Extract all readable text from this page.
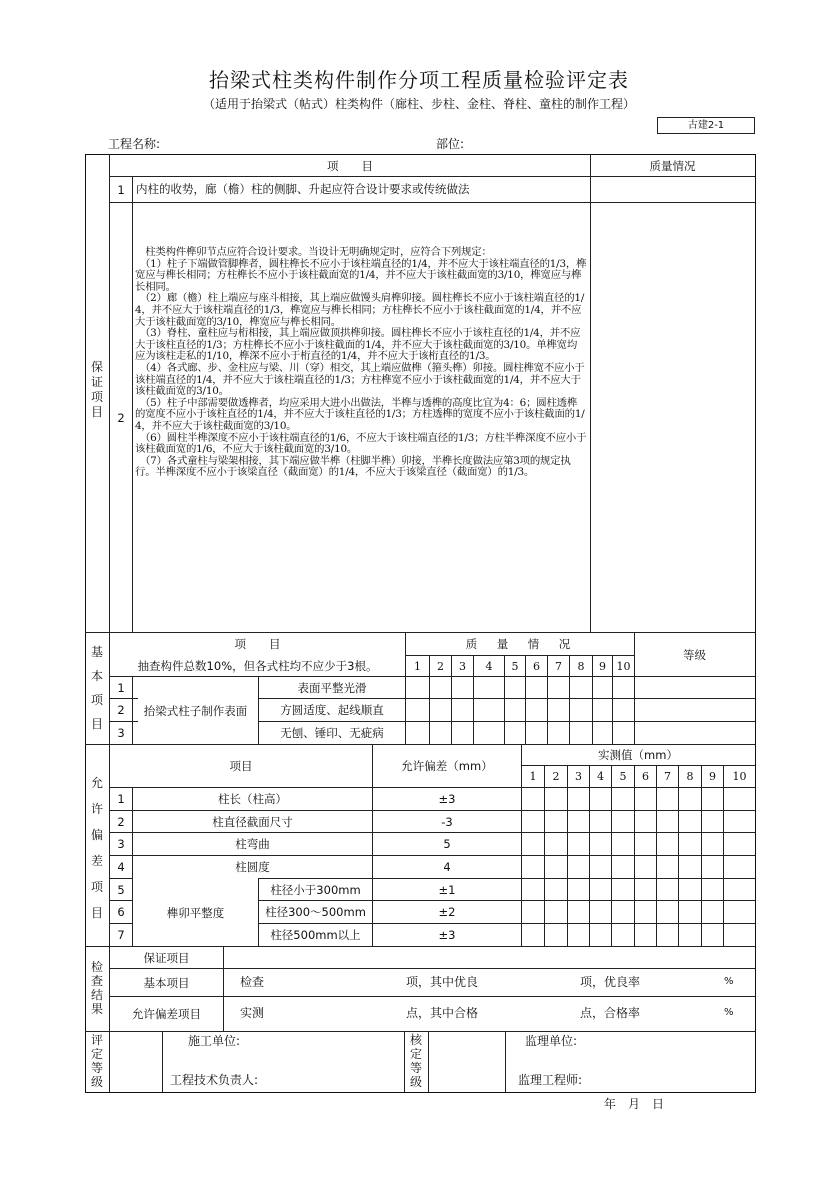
抬梁式柱类构件制作分项工程质量检验评定表
（适用于抬梁式（帖式）柱类构件（廊柱、步柱、金柱、脊柱、童柱的制作工程）
古建2-1
工程名称:	部位:
保证项目
项　　目	质量情况
1 内柱的收势，廊（檐）柱的侧脚、升起应符合设计要求或传统做法
2
　柱类构件榫卯节点应符合设计要求。当设计无明确规定时，应符合下列规定：
　（1）柱子下端做管脚榫者，圆柱榫长不应小于该柱端直径的1/4，并不应大于该柱端直径的1/3，榫宽应与榫长相同；方柱榫长不应小于该柱截面宽的1/4，并不应大于该柱截面宽的3/10，榫宽应与榫长相同。
　（2）廊（檐）柱上端应与座斗相接，其上端应做馒头肩榫卯接。圆柱榫长不应小于该柱端直径的1/4，并不应大于该柱端直径的1/3，榫宽应与榫长相同；方柱榫长不应小于该柱截面宽的1/4，并不应大于该柱截面宽的3/10，榫宽应与榫长相同。
　（3）脊柱、童柱应与桁相接，其上端应做顶拱榫卯接。圆柱榫长不应小于该柱直径的1/4，并不应大于该柱直径的1/3；方柱榫长不应小于该柱截面的1/4，并不应大于该柱截面宽的3/10。单榫宽均应为该柱走私的1/10，榫深不应小于桁直径的1/4，并不应大于该桁直径的1/3。
　（4）各式廊、步、金柱应与梁、川（穿）相交，其上端应做榫（箍头榫）卯接。圆柱榫宽不应小于该柱端直径的1/4，并不应大于该柱端直径的1/3；方柱榫宽不应小于该柱截面宽的1/4，并不应大于该柱截面宽的3/10。
　（5）柱子中部需要做透榫者，均应采用大进小出做法，半榫与透榫的高度比宜为4：6；圆柱透榫的宽度不应小于该柱直径的1/4，并不应大于该柱直径的1/3；方柱透榫的宽度不应小于该柱截面的1/4，并不应大于该柱截面宽的3/10。
　（6）圆柱半榫深度不应小于该柱端直径的1/6，不应大于该柱端直径的1/3；方柱半榫深度不应小于该柱截面宽的1/6，不应大于该柱截面宽的3/10。
　（7）各式童柱与梁架相接，其下端应做半榫（柱脚半榫）卯接，半榫长度做法应第3项的规定执行。半榫深度不应小于该梁直径（截面宽）的1/4，不应大于该梁直径（截面宽）的1/3。
基本项目
项　　目	质　量　情　况
等级
抽查构件总数10%，但各式柱均不应少于3根。	1	2	3	4	5	6	7	8	9 10
抬梁式柱子制作表面
1	表面平整光滑
2	方圆适度、起线顺直
3	无刨、锤印、无疵病
允许偏差项目
项目	允许偏差（mm）
实测值（mm）
1	2	3	4	5	6	7	8	9	10
榫卯平整度
1	柱长（柱高）	±3
2	柱直径截面尺寸	-3
3	柱弯曲	5
4	柱圆度	4
5	柱径小于300mm	±1
6	柱径300～500mm	±2
7	柱径500mm以上	±3
检查结果
保证项目
基本项目	检查	项，其中优良	项，优良率	%
允许偏差项目	实测	点，其中合格	点，合格率	%
评定等级
施工单位:
工程技术负责人:
核定等级
监理单位:
监理工程师:
年　月　日
